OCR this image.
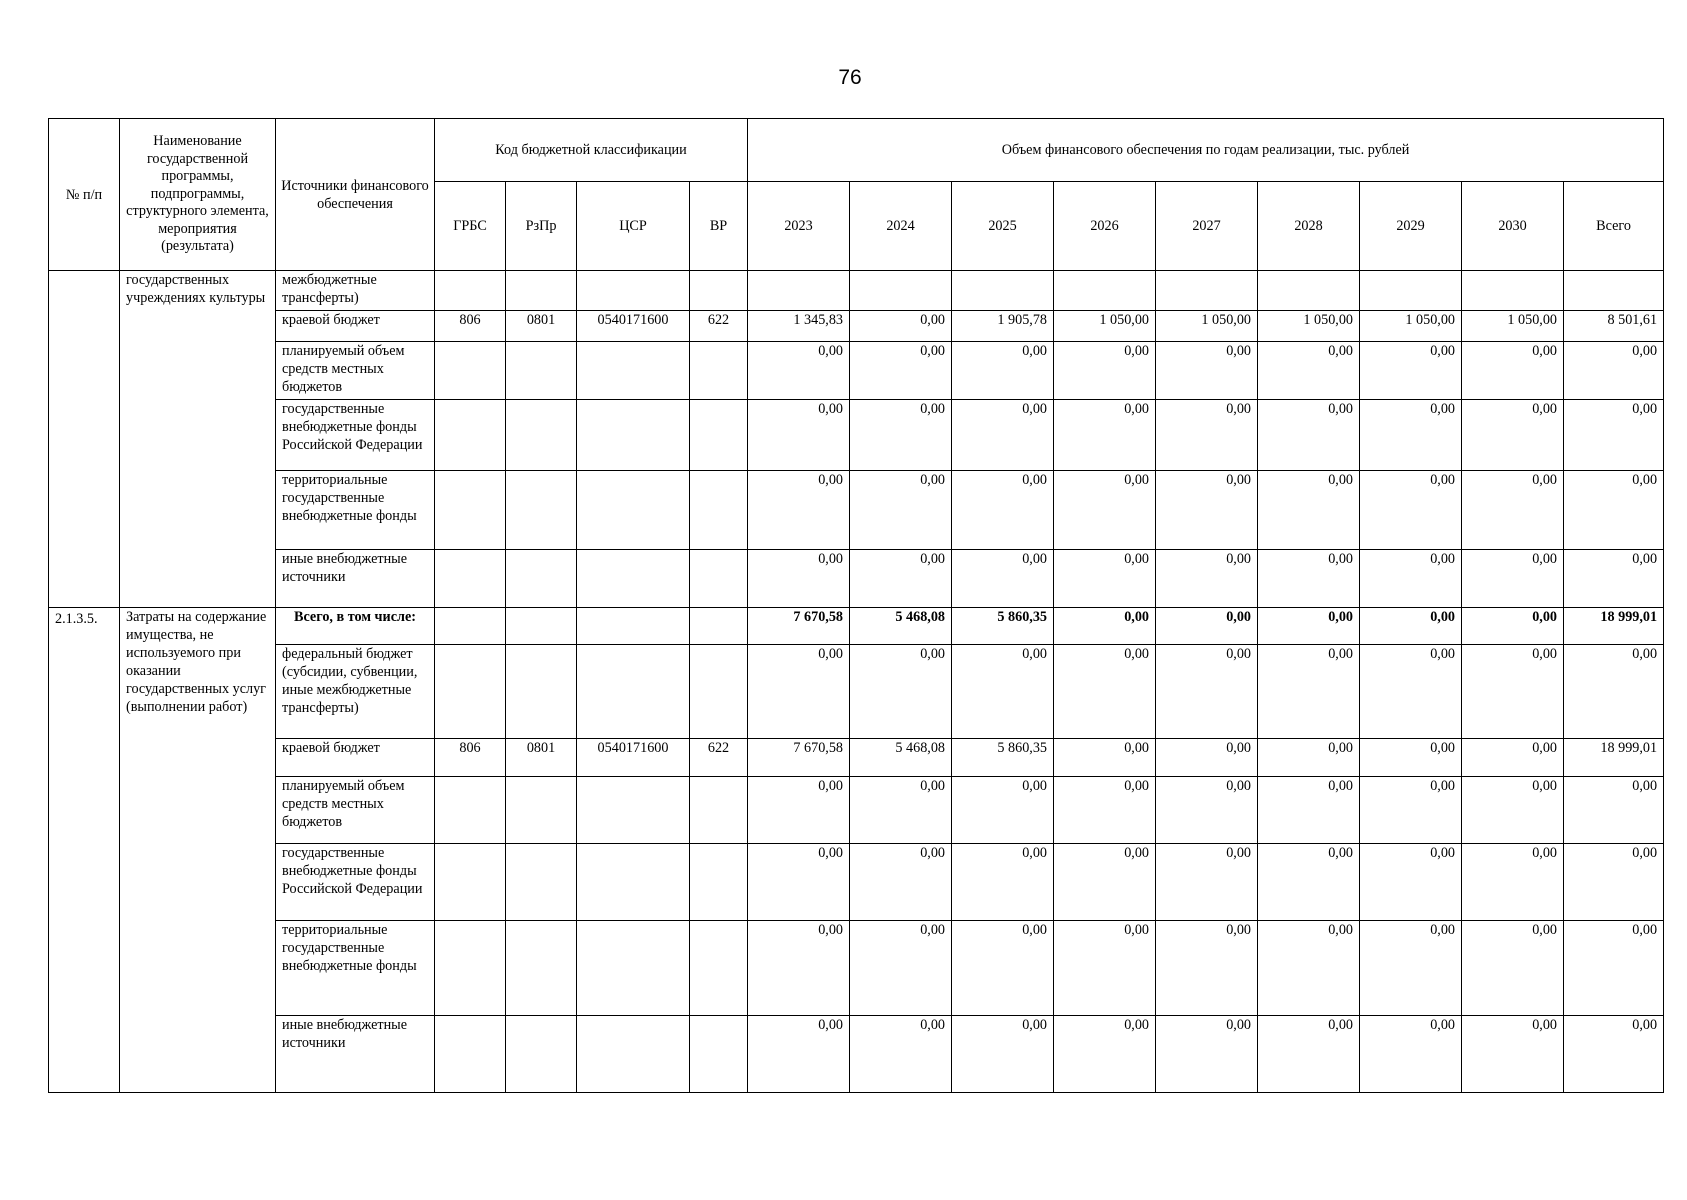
76
№ п/п	Наименование государственной программы, подпрограммы, структурного элемента, мероприятия (результата)	Источники финансового обеспечения	Код бюджетной классификации				Объем финансового обеспечения по годам реализации, тыс. рублей								
			ГРБС	РзПр	ЦСР	ВР	2023	2024	2025	2026	2027	2028	2029	2030	Всего
	государственных учреждениях культуры	межбюджетные трансферты)													
		краевой бюджет	806	0801	0540171600	622	1 345,83	0,00	1 905,78	1 050,00	1 050,00	1 050,00	1 050,00	1 050,00	8 501,61
		планируемый объем средств местных бюджетов					0,00	0,00	0,00	0,00	0,00	0,00	0,00	0,00	0,00
		государственные внебюджетные фонды Российской Федерации					0,00	0,00	0,00	0,00	0,00	0,00	0,00	0,00	0,00
		территориальные государственные внебюджетные фонды					0,00	0,00	0,00	0,00	0,00	0,00	0,00	0,00	0,00
		иные внебюджетные источники					0,00	0,00	0,00	0,00	0,00	0,00	0,00	0,00	0,00
2.1.3.5.	Затраты на содержание имущества, не используемого при оказании государственных услуг (выполнении работ)	Всего, в том числе:					7 670,58	5 468,08	5 860,35	0,00	0,00	0,00	0,00	0,00	18 999,01
		федеральный бюджет (субсидии, субвенции, иные межбюджетные трансферты)					0,00	0,00	0,00	0,00	0,00	0,00	0,00	0,00	0,00
		краевой бюджет	806	0801	0540171600	622	7 670,58	5 468,08	5 860,35	0,00	0,00	0,00	0,00	0,00	18 999,01
		планируемый объем средств местных бюджетов					0,00	0,00	0,00	0,00	0,00	0,00	0,00	0,00	0,00
		государственные внебюджетные фонды Российской Федерации					0,00	0,00	0,00	0,00	0,00	0,00	0,00	0,00	0,00
		территориальные государственные внебюджетные фонды					0,00	0,00	0,00	0,00	0,00	0,00	0,00	0,00	0,00
		иные внебюджетные источники					0,00	0,00	0,00	0,00	0,00	0,00	0,00	0,00	0,00
